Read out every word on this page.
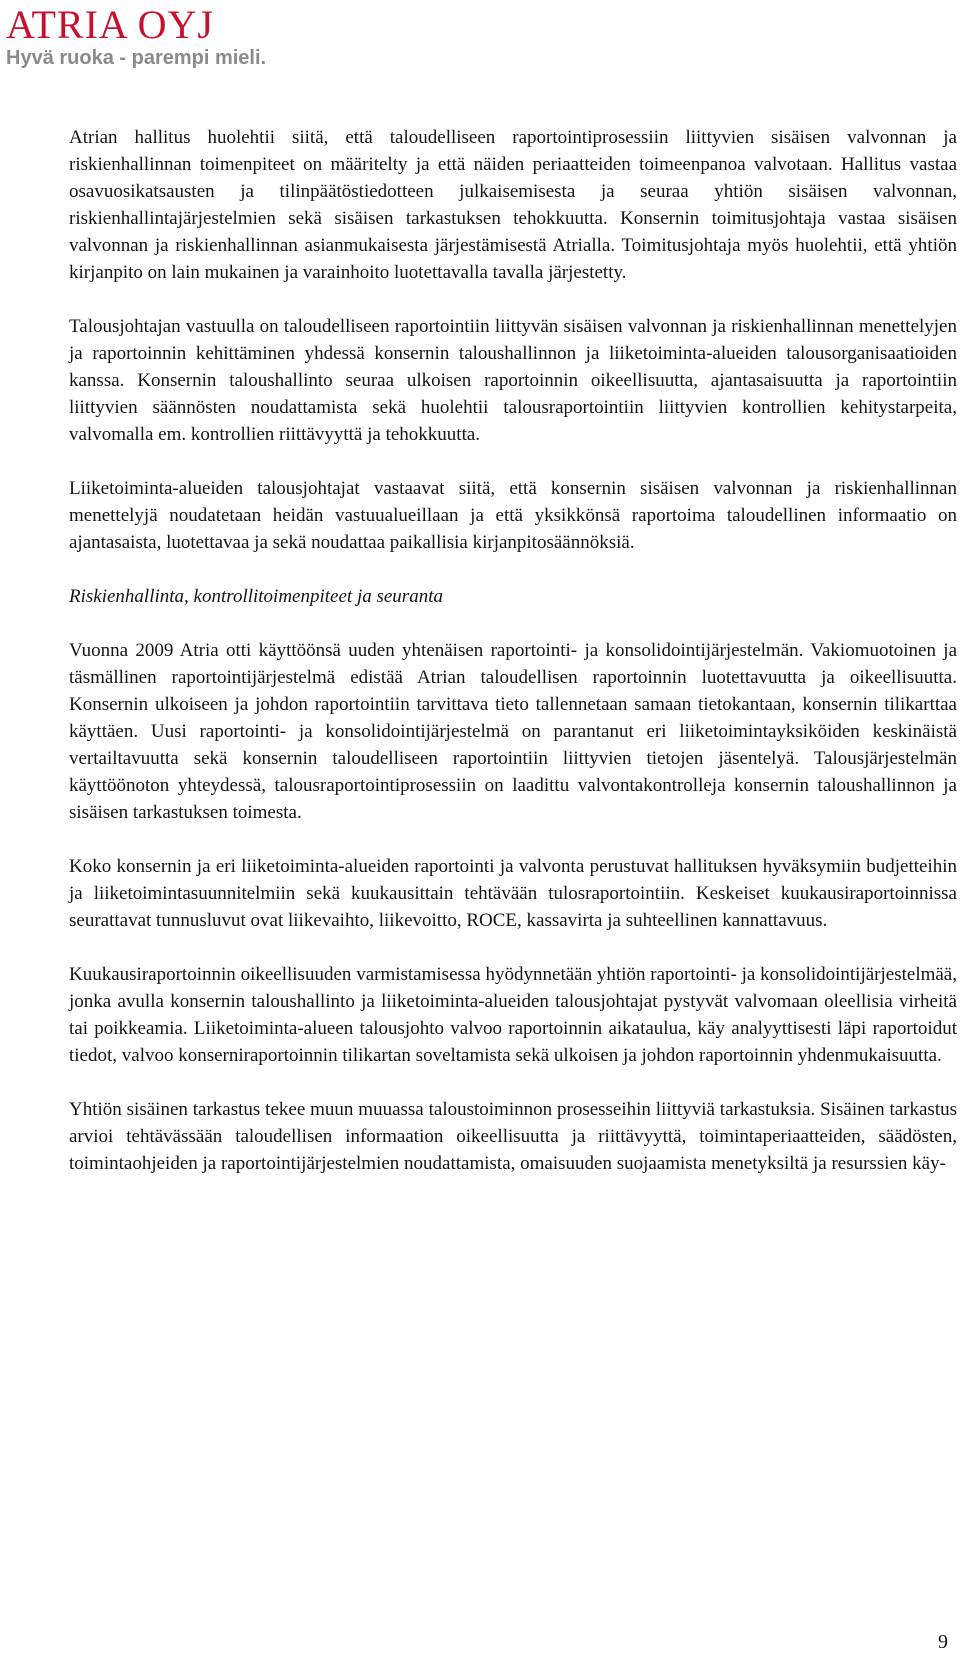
ATRIA OYJ
Hyvä ruoka - parempi mieli.

Atrian hallitus huolehtii siitä, että taloudelliseen raportointiprosessiin liittyvien sisäisen valvonnan ja riskienhallinnan toimenpiteet on määritelty ja että näiden periaatteiden toimeenpanoa valvotaan. Hallitus vastaa osavuosikatsausten ja tilinpäätöstiedotteen julkaisemisesta ja seuraa yhtiön sisäisen valvonnan, riskienhallintajärjestelmien sekä sisäisen tarkastuksen tehokkuutta. Konsernin toimitusjohtaja vastaa sisäisen valvonnan ja riskienhallinnan asianmukaisesta järjestämisestä Atrialla. Toimitusjohtaja myös huolehtii, että yhtiön kirjanpito on lain mukainen ja varainhoito luotettavalla tavalla järjestetty.

Talousjohtajan vastuulla on taloudelliseen raportointiin liittyvän sisäisen valvonnan ja riskienhallinnan menettelyjen ja raportoinnin kehittäminen yhdessä konsernin taloushallinnon ja liiketoiminta-alueiden talousorganisaatioiden kanssa. Konsernin taloushallinto seuraa ulkoisen raportoinnin oikeellisuutta, ajantasaisuutta ja raportointiin liittyvien säännösten noudattamista sekä huolehtii talousraportointiin liittyvien kontrollien kehitystarpeita, valvomalla em. kontrollien riittävyyttä ja tehokkuutta.

Liiketoiminta-alueiden talousjohtajat vastaavat siitä, että konsernin sisäisen valvonnan ja riskienhallinnan menettelyjä noudatetaan heidän vastuualueillaan ja että yksikkönsä raportoima taloudellinen informaatio on ajantasaista, luotettavaa ja sekä noudattaa paikallisia kirjanpitosäännöksiä.

Riskienhallinta, kontrollitoimenpiteet ja seuranta

Vuonna 2009 Atria otti käyttöönsä uuden yhtenäisen raportointi- ja konsolidointijärjestelmän. Vakiomuotoinen ja täsmällinen raportointijärjestelmä edistää Atrian taloudellisen raportoinnin luotettavuutta ja oikeellisuutta. Konsernin ulkoiseen ja johdon raportointiin tarvittava tieto tallennetaan samaan tietokantaan, konsernin tilikarttaa käyttäen. Uusi raportointi- ja konsolidointijärjestelmä on parantanut eri liiketoimintayksiköiden keskinäistä vertailtavuutta sekä konsernin taloudelliseen raportointiin liittyvien tietojen jäsentelyä. Talousjärjestelmän käyttöönoton yhteydessä, talousraportointiprosessiin on laadittu valvontakontrolleja konsernin taloushallinnon ja sisäisen tarkastuksen toimesta.

Koko konsernin ja eri liiketoiminta-alueiden raportointi ja valvonta perustuvat hallituksen hyväksymiin budjetteihin ja liiketoimintasuunnitelmiin sekä kuukausittain tehtävään tulosraportointiin. Keskeiset kuukausiraportoinnissa seurattavat tunnusluvut ovat liikevaihto, liikevoitto, ROCE, kassavirta ja suhteellinen kannattavuus.

Kuukausiraportoinnin oikeellisuuden varmistamisessa hyödynnetään yhtiön raportointi- ja konsolidointijärjestelmää, jonka avulla konsernin taloushallinto ja liiketoiminta-alueiden talousjohtajat pystyvät valvomaan oleellisia virheitä tai poikkeamia. Liiketoiminta-alueen talousjohto valvoo raportoinnin aikataulua, käy analyyttisesti läpi raportoidut tiedot, valvoo konserniraportoinnin tilikartan soveltamista sekä ulkoisen ja johdon raportoinnin yhdenmukaisuutta.

Yhtiön sisäinen tarkastus tekee muun muuassa taloustoiminnon prosesseihin liittyviä tarkastuksia. Sisäinen tarkastus arvioi tehtävässään taloudellisen informaation oikeellisuutta ja riittävyyttä, toimintaperiaatteiden, säädösten, toimintaohjeiden ja raportointijärjestelmien noudattamista, omaisuuden suojaamista menetyksiltä ja resurssien käy-

9
